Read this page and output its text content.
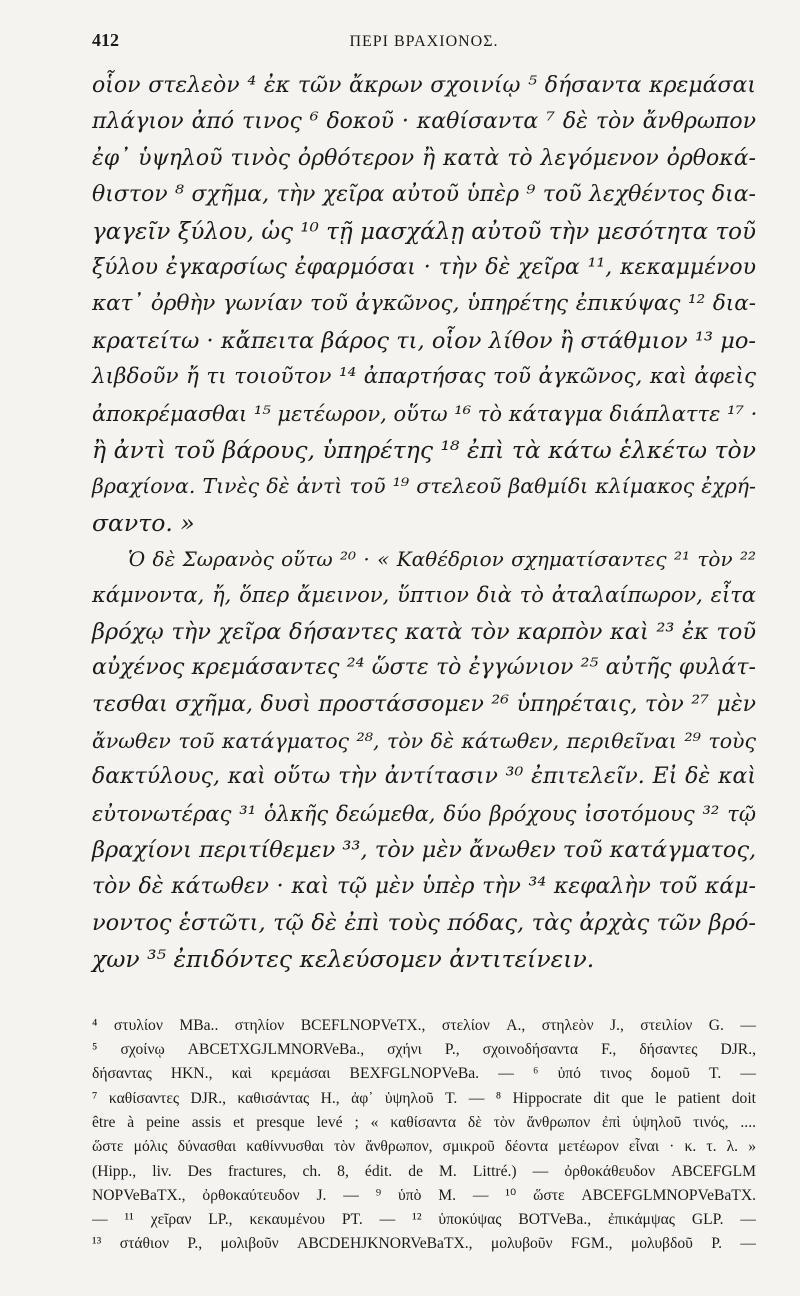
412	ΠΕΡΙ ΒΡΑΧΙΟΝΟΣ.
οἷον στελεὸν ⁴ ἐκ τῶν ἄκρων σχοινίῳ ⁵ δήσαντα κρεμάσαι
πλάγιον ἀπό τινος ⁶ δοκοῦ · καθίσαντα ⁷ δὲ τὸν ἄνθρωπον
ἐφ᾽ ὑψηλοῦ τινὸς ὀρθότερον ἢ κατὰ τὸ λεγόμενον ὀρθοκά-
θιστον ⁸ σχῆμα, τὴν χεῖρα αὐτοῦ ὑπὲρ ⁹ τοῦ λεχθέντος δια-
γαγεῖν ξύλου, ὡς ¹⁰ τῇ μασχάλῃ αὐτοῦ τὴν μεσότητα τοῦ
ξύλου ἐγκαρσίως ἐφαρμόσαι · τὴν δὲ χεῖρα ¹¹, κεκαμμένου
κατ᾽ ὀρθὴν γωνίαν τοῦ ἀγκῶνος, ὑπηρέτης ἐπικύψας ¹² δια-
κρατείτω · κἄπειτα βάρος τι, οἷον λίθον ἢ στάθμιον ¹³ μο-
λιβδοῦν ἤ τι τοιοῦτον ¹⁴ ἀπαρτήσας τοῦ ἀγκῶνος, καὶ ἀφεὶς
ἀποκρέμασθαι ¹⁵ μετέωρον, οὕτω ¹⁶ τὸ κάταγμα διάπλαττε ¹⁷ ·
ἢ ἀντὶ τοῦ βάρους, ὑπηρέτης ¹⁸ ἐπὶ τὰ κάτω ἑλκέτω τὸν
βραχίονα. Τινὲς δὲ ἀντὶ τοῦ ¹⁹ στελεοῦ βαθμίδι κλίμακος ἐχρή-
σαντο. »
Ὁ δὲ Σωρανὸς οὕτω ²⁰ · « Καθέδριον σχηματίσαντες ²¹ τὸν ²²
κάμνοντα, ἤ, ὅπερ ἄμεινον, ὕπτιον διὰ τὸ ἀταλαίπωρον, εἶτα
βρόχῳ τὴν χεῖρα δήσαντες κατὰ τὸν καρπὸν καὶ ²³ ἐκ τοῦ
αὐχένος κρεμάσαντες ²⁴ ὥστε τὸ ἐγγώνιον ²⁵ αὐτῆς φυλάτ-
τεσθαι σχῆμα, δυσὶ προστάσσομεν ²⁶ ὑπηρέταις, τὸν ²⁷ μὲν
ἄνωθεν τοῦ κατάγματος ²⁸, τὸν δὲ κάτωθεν, περιθεῖναι ²⁹ τοὺς
δακτύλους, καὶ οὕτω τὴν ἀντίτασιν ³⁰ ἐπιτελεῖν. Εἰ δὲ καὶ
εὐτονωτέρας ³¹ ὁλκῆς δεώμεθα, δύο βρόχους ἰσοτόμους ³² τῷ
βραχίονι περιτίθεμεν ³³, τὸν μὲν ἄνωθεν τοῦ κατάγματος,
τὸν δὲ κάτωθεν · καὶ τῷ μὲν ὑπὲρ τὴν ³⁴ κεφαλὴν τοῦ κάμ-
νοντος ἑστῶτι, τῷ δὲ ἐπὶ τοὺς πόδας, τὰς ἀρχὰς τῶν βρό-
χων ³⁵ ἐπιδόντες κελεύσομεν ἀντιτείνειν.
⁴ στυλίον MBa.. στηλίον BCEFLNOPVeTX., στελίον A., στηλεὸν J., στειλίον G. —
⁵ σχοίνῳ ABCETXGJLMNORVeBa., σχήνι P., σχοινοδήσαντα F., δήσαντες DJR.,
δήσαντας HKN., καὶ κρεμάσαι BEXFGLNOPVeBa. — ⁶ ὑπό τινος δομοῦ T. —
⁷ καθίσαντες DJR., καθισάντας H., ἀφ᾽ ὑψηλοῦ T. — ⁸ Hippocrate dit que le patient doit
être à peine assis et presque levé ; « καθίσαντα δὲ τὸν ἄνθρωπον ἐπὶ ὑψηλοῦ τινός, ....
ὥστε μόλις δύνασθαι καθίννυσθαι τὸν ἄνθρωπον, σμικροῦ δέοντα μετέωρον εἶναι · κ. τ. λ. »
(Hipp., liv. Des fractures, ch. 8, édit. de M. Littré.) — ὀρθοκάθευδον ABCEFGLM
NOPVeBaTX., ὀρθοκαύτευδον J. — ⁹ ὑπὸ M. — ¹⁰ ὥστε ABCEFGLMNOPVeBaTX.
— ¹¹ χεῖραν LP., κεκαυμένου PT. — ¹² ὑποκύψας BOTVeBa., ἐπικάμψας GLP. —
¹³ στάθιον P., μολιβοῦν ABCDEHJKNORVeBaTX., μολυβοῦν FGM., μολυβδοῦ P. —
